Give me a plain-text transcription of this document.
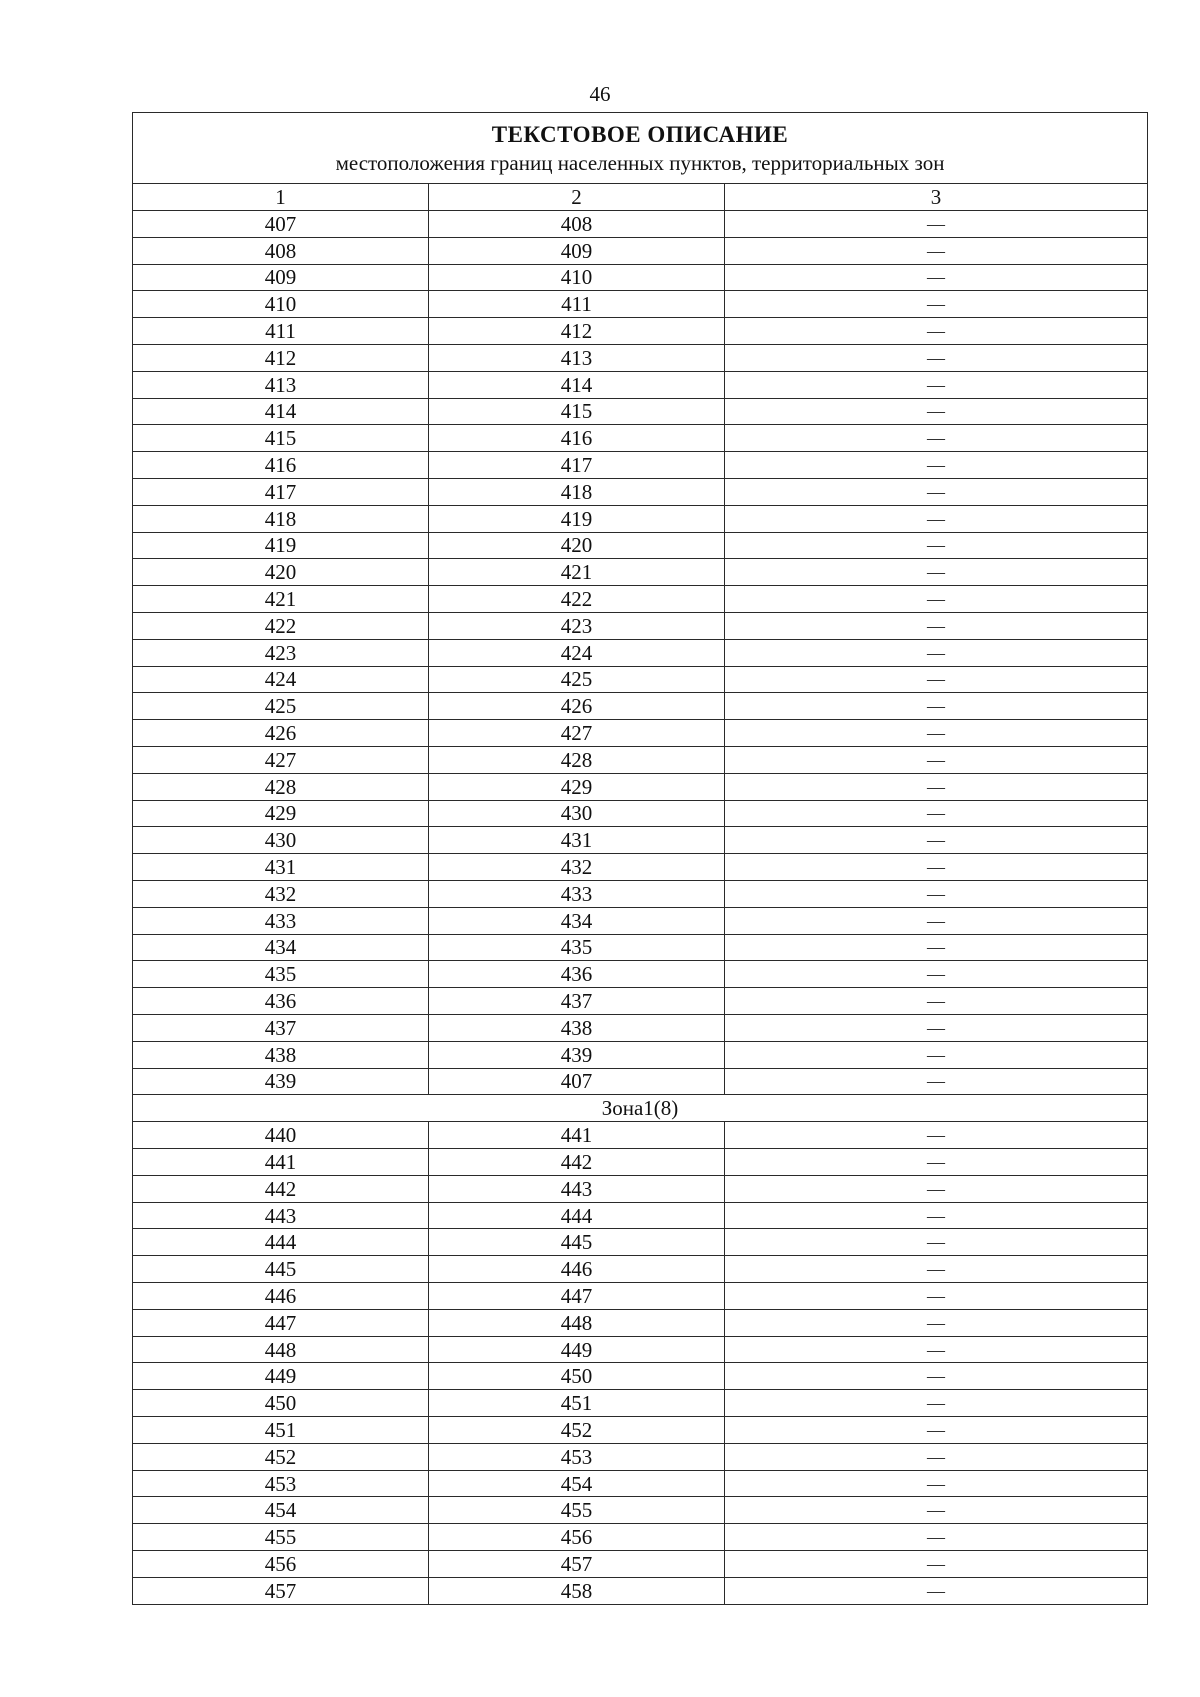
46
ТЕКСТОВОЕ ОПИСАНИЕ
местоположения границ населенных пунктов, территориальных зон		

1	2	3
407	408	—
408	409	—
409	410	—
410	411	—
411	412	—
412	413	—
413	414	—
414	415	—
415	416	—
416	417	—
417	418	—
418	419	—
419	420	—
420	421	—
421	422	—
422	423	—
423	424	—
424	425	—
425	426	—
426	427	—
427	428	—
428	429	—
429	430	—
430	431	—
431	432	—
432	433	—
433	434	—
434	435	—
435	436	—
436	437	—
437	438	—
438	439	—
439	407	—
Зона1(8)		
440	441	—
441	442	—
442	443	—
443	444	—
444	445	—
445	446	—
446	447	—
447	448	—
448	449	—
449	450	—
450	451	—
451	452	—
452	453	—
453	454	—
454	455	—
455	456	—
456	457	—
457	458	—
